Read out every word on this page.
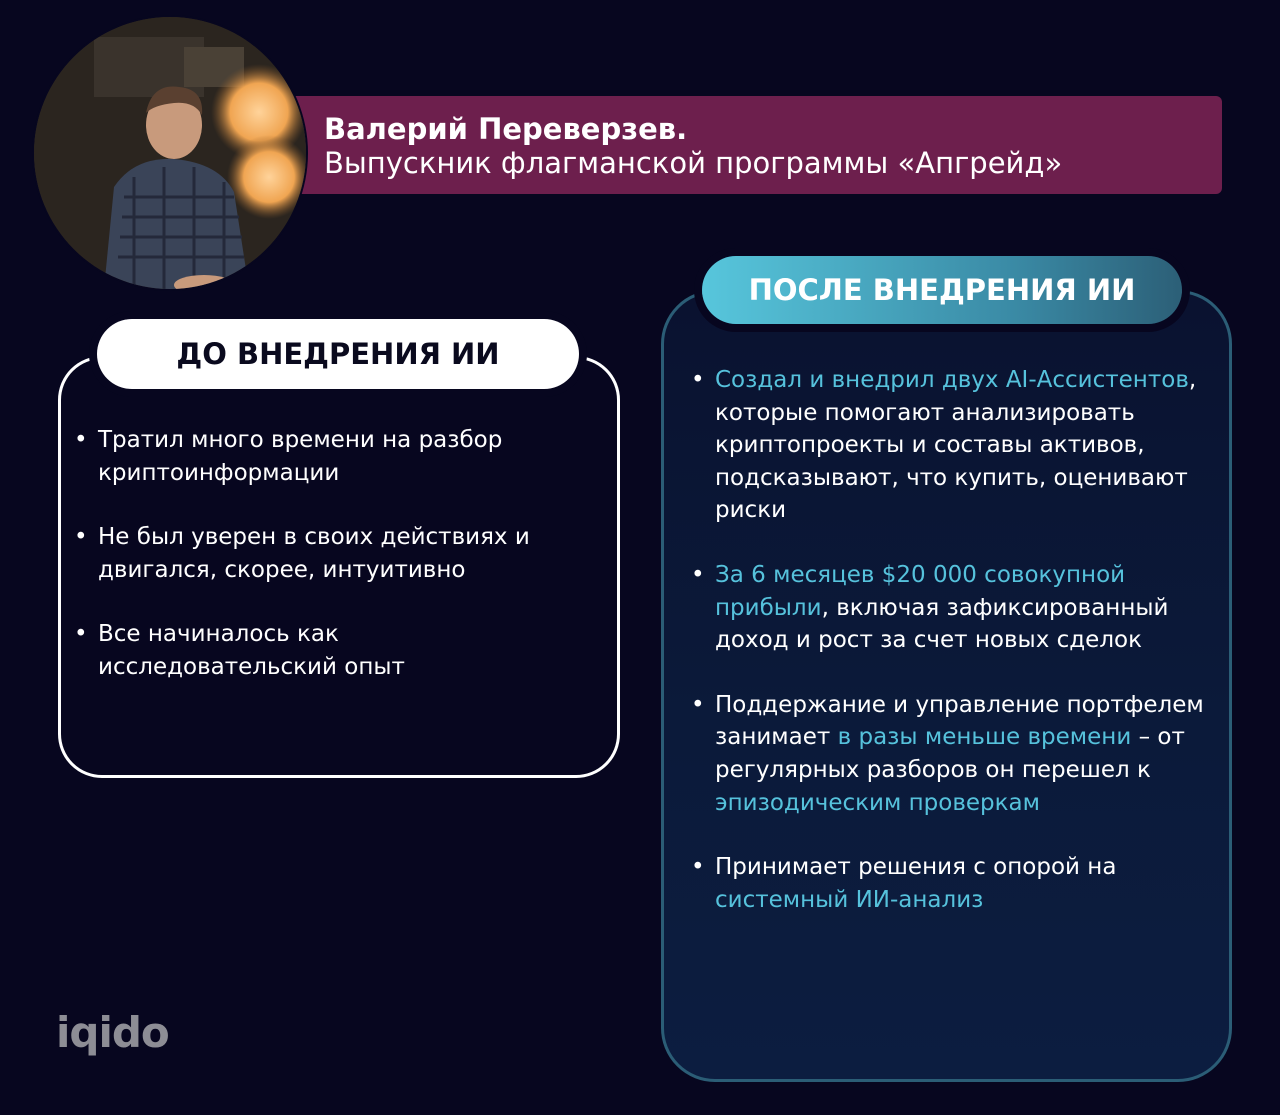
Валерий Переверзев.
Выпускник флагманской программы «Апгрейд»
ДО ВНЕДРЕНИЯ ИИ
• Тратил много времени на разбор криптоинформации
• Не был уверен в своих действиях и двигался, скорее, интуитивно
• Все начиналось как исследовательский опыт
ПОСЛЕ ВНЕДРЕНИЯ ИИ
• Создал и внедрил двух AI-Ассистентов, которые помогают анализировать криптопроекты и составы активов, подсказывают, что купить, оценивают риски
• За 6 месяцев $20 000 совокупной прибыли, включая зафиксированный доход и рост за счет новых сделок
• Поддержание и управление портфелем занимает в разы меньше времени – от регулярных разборов он перешел к эпизодическим проверкам
• Принимает решения с опорой на системный ИИ-анализ
iqido
